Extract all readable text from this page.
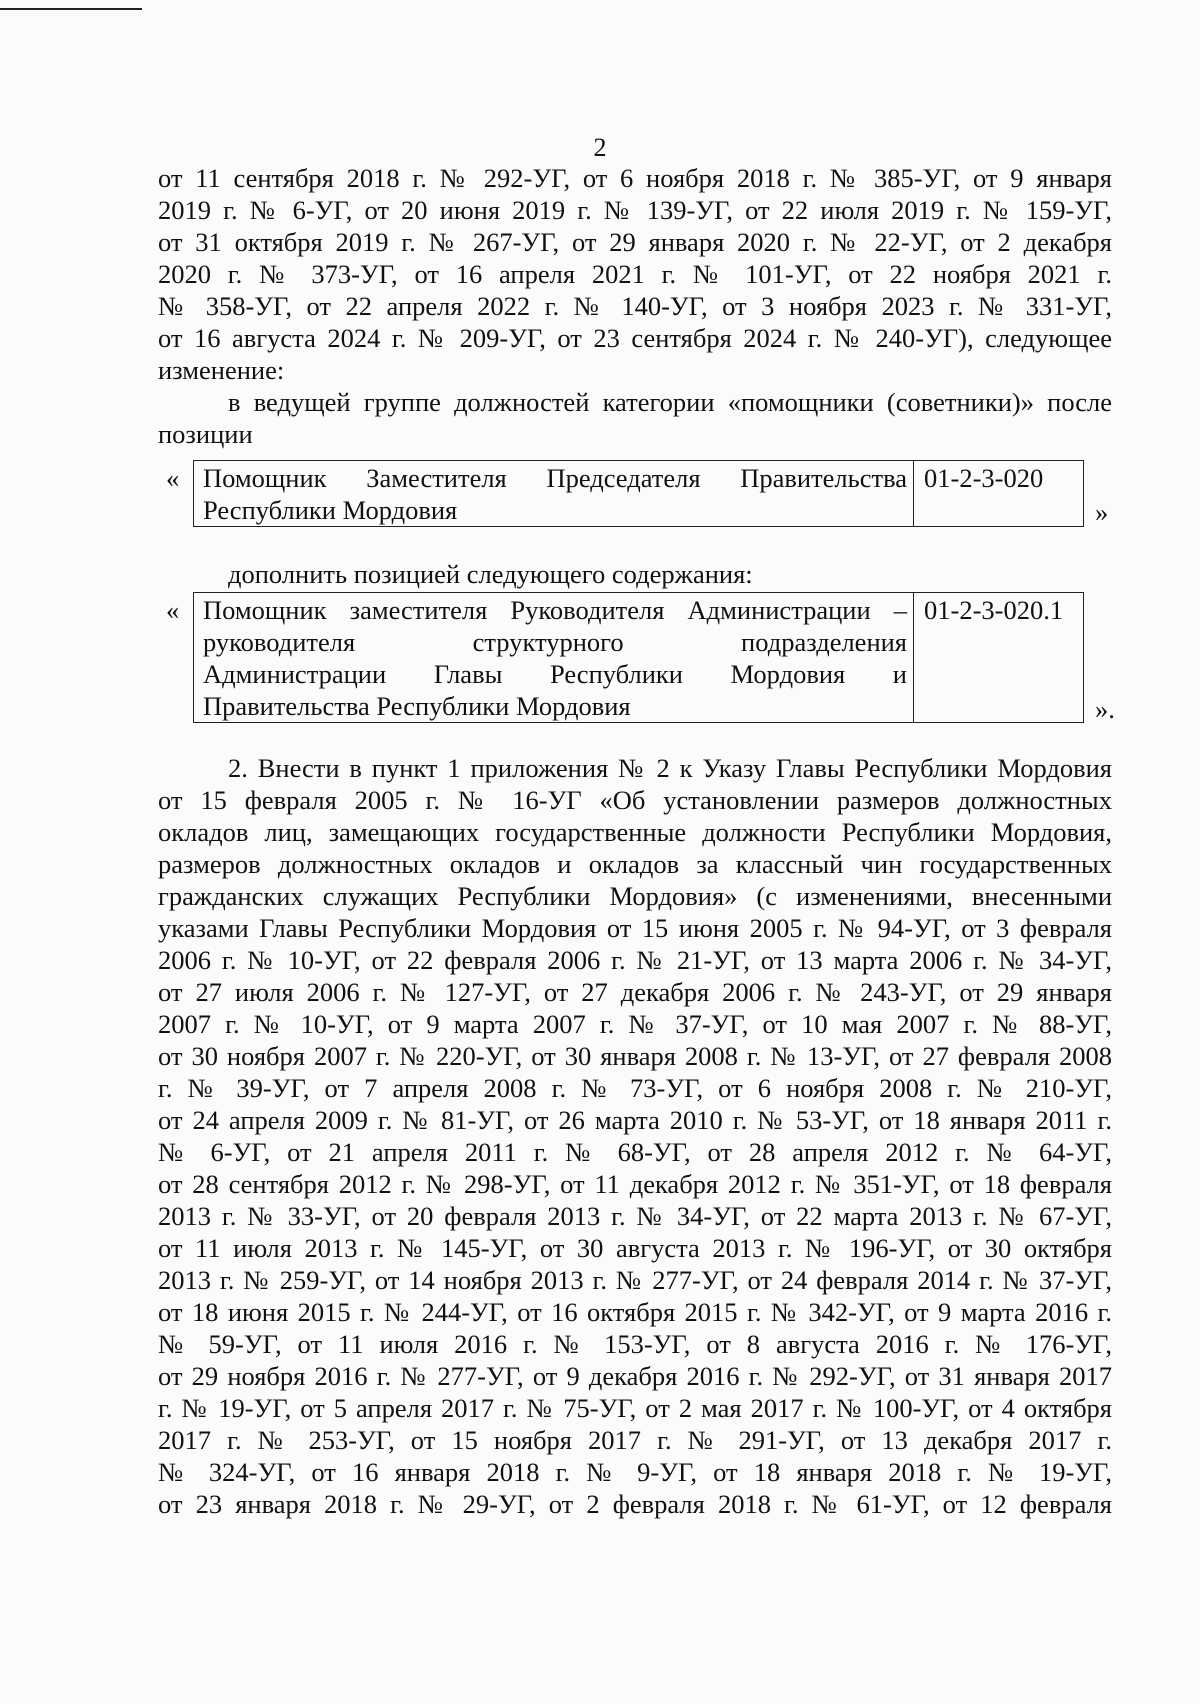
2
от 11 сентября 2018 г. № 292-УГ, от 6 ноября 2018 г. № 385-УГ, от 9 января
2019 г. № 6-УГ, от 20 июня 2019 г. № 139-УГ, от 22 июля 2019 г. № 159-УГ,
от 31 октября 2019 г. № 267-УГ, от 29 января 2020 г. № 22-УГ, от 2 декабря
2020 г. № 373-УГ, от 16 апреля 2021 г. № 101-УГ, от 22 ноября 2021 г.
№ 358-УГ, от 22 апреля 2022 г. № 140-УГ, от 3 ноября 2023 г. № 331-УГ,
от 16 августа 2024 г. № 209-УГ, от 23 сентября 2024 г. № 240-УГ), следующее
изменение:
в ведущей группе должностей категории «помощники (советники)» после
позиции
« Помощник Заместителя Председателя Правительства
Республики Мордовия
01-2-3-020
»
дополнить позицией следующего содержания:
« Помощник заместителя Руководителя Администрации –
руководителя структурного подразделения
Администрации Главы Республики Мордовия и
Правительства Республики Мордовия
01-2-3-020.1
».
2. Внести в пункт 1 приложения № 2 к Указу Главы Республики Мордовия
от 15 февраля 2005 г. № 16-УГ «Об установлении размеров должностных
окладов лиц, замещающих государственные должности Республики Мордовия,
размеров должностных окладов и окладов за классный чин государственных
гражданских служащих Республики Мордовия» (с изменениями, внесенными
указами Главы Республики Мордовия от 15 июня 2005 г. № 94-УГ, от 3 февраля
2006 г. № 10-УГ, от 22 февраля 2006 г. № 21-УГ, от 13 марта 2006 г. № 34-УГ,
от 27 июля 2006 г. № 127-УГ, от 27 декабря 2006 г. № 243-УГ, от 29 января
2007 г. № 10-УГ, от 9 марта 2007 г. № 37-УГ, от 10 мая 2007 г. № 88-УГ,
от 30 ноября 2007 г. № 220-УГ, от 30 января 2008 г. № 13-УГ, от 27 февраля 2008
г. № 39-УГ, от 7 апреля 2008 г. № 73-УГ, от 6 ноября 2008 г. № 210-УГ,
от 24 апреля 2009 г. № 81-УГ, от 26 марта 2010 г. № 53-УГ, от 18 января 2011 г.
№ 6-УГ, от 21 апреля 2011 г. № 68-УГ, от 28 апреля 2012 г. № 64-УГ,
от 28 сентября 2012 г. № 298-УГ, от 11 декабря 2012 г. № 351-УГ, от 18 февраля
2013 г. № 33-УГ, от 20 февраля 2013 г. № 34-УГ, от 22 марта 2013 г. № 67-УГ,
от 11 июля 2013 г. № 145-УГ, от 30 августа 2013 г. № 196-УГ, от 30 октября
2013 г. № 259-УГ, от 14 ноября 2013 г. № 277-УГ, от 24 февраля 2014 г. № 37-УГ,
от 18 июня 2015 г. № 244-УГ, от 16 октября 2015 г. № 342-УГ, от 9 марта 2016 г.
№ 59-УГ, от 11 июля 2016 г. № 153-УГ, от 8 августа 2016 г. № 176-УГ,
от 29 ноября 2016 г. № 277-УГ, от 9 декабря 2016 г. № 292-УГ, от 31 января 2017
г. № 19-УГ, от 5 апреля 2017 г. № 75-УГ, от 2 мая 2017 г. № 100-УГ, от 4 октября
2017 г. № 253-УГ, от 15 ноября 2017 г. № 291-УГ, от 13 декабря 2017 г.
№ 324-УГ, от 16 января 2018 г. № 9-УГ, от 18 января 2018 г. № 19-УГ,
от 23 января 2018 г. № 29-УГ, от 2 февраля 2018 г. № 61-УГ, от 12 февраля
